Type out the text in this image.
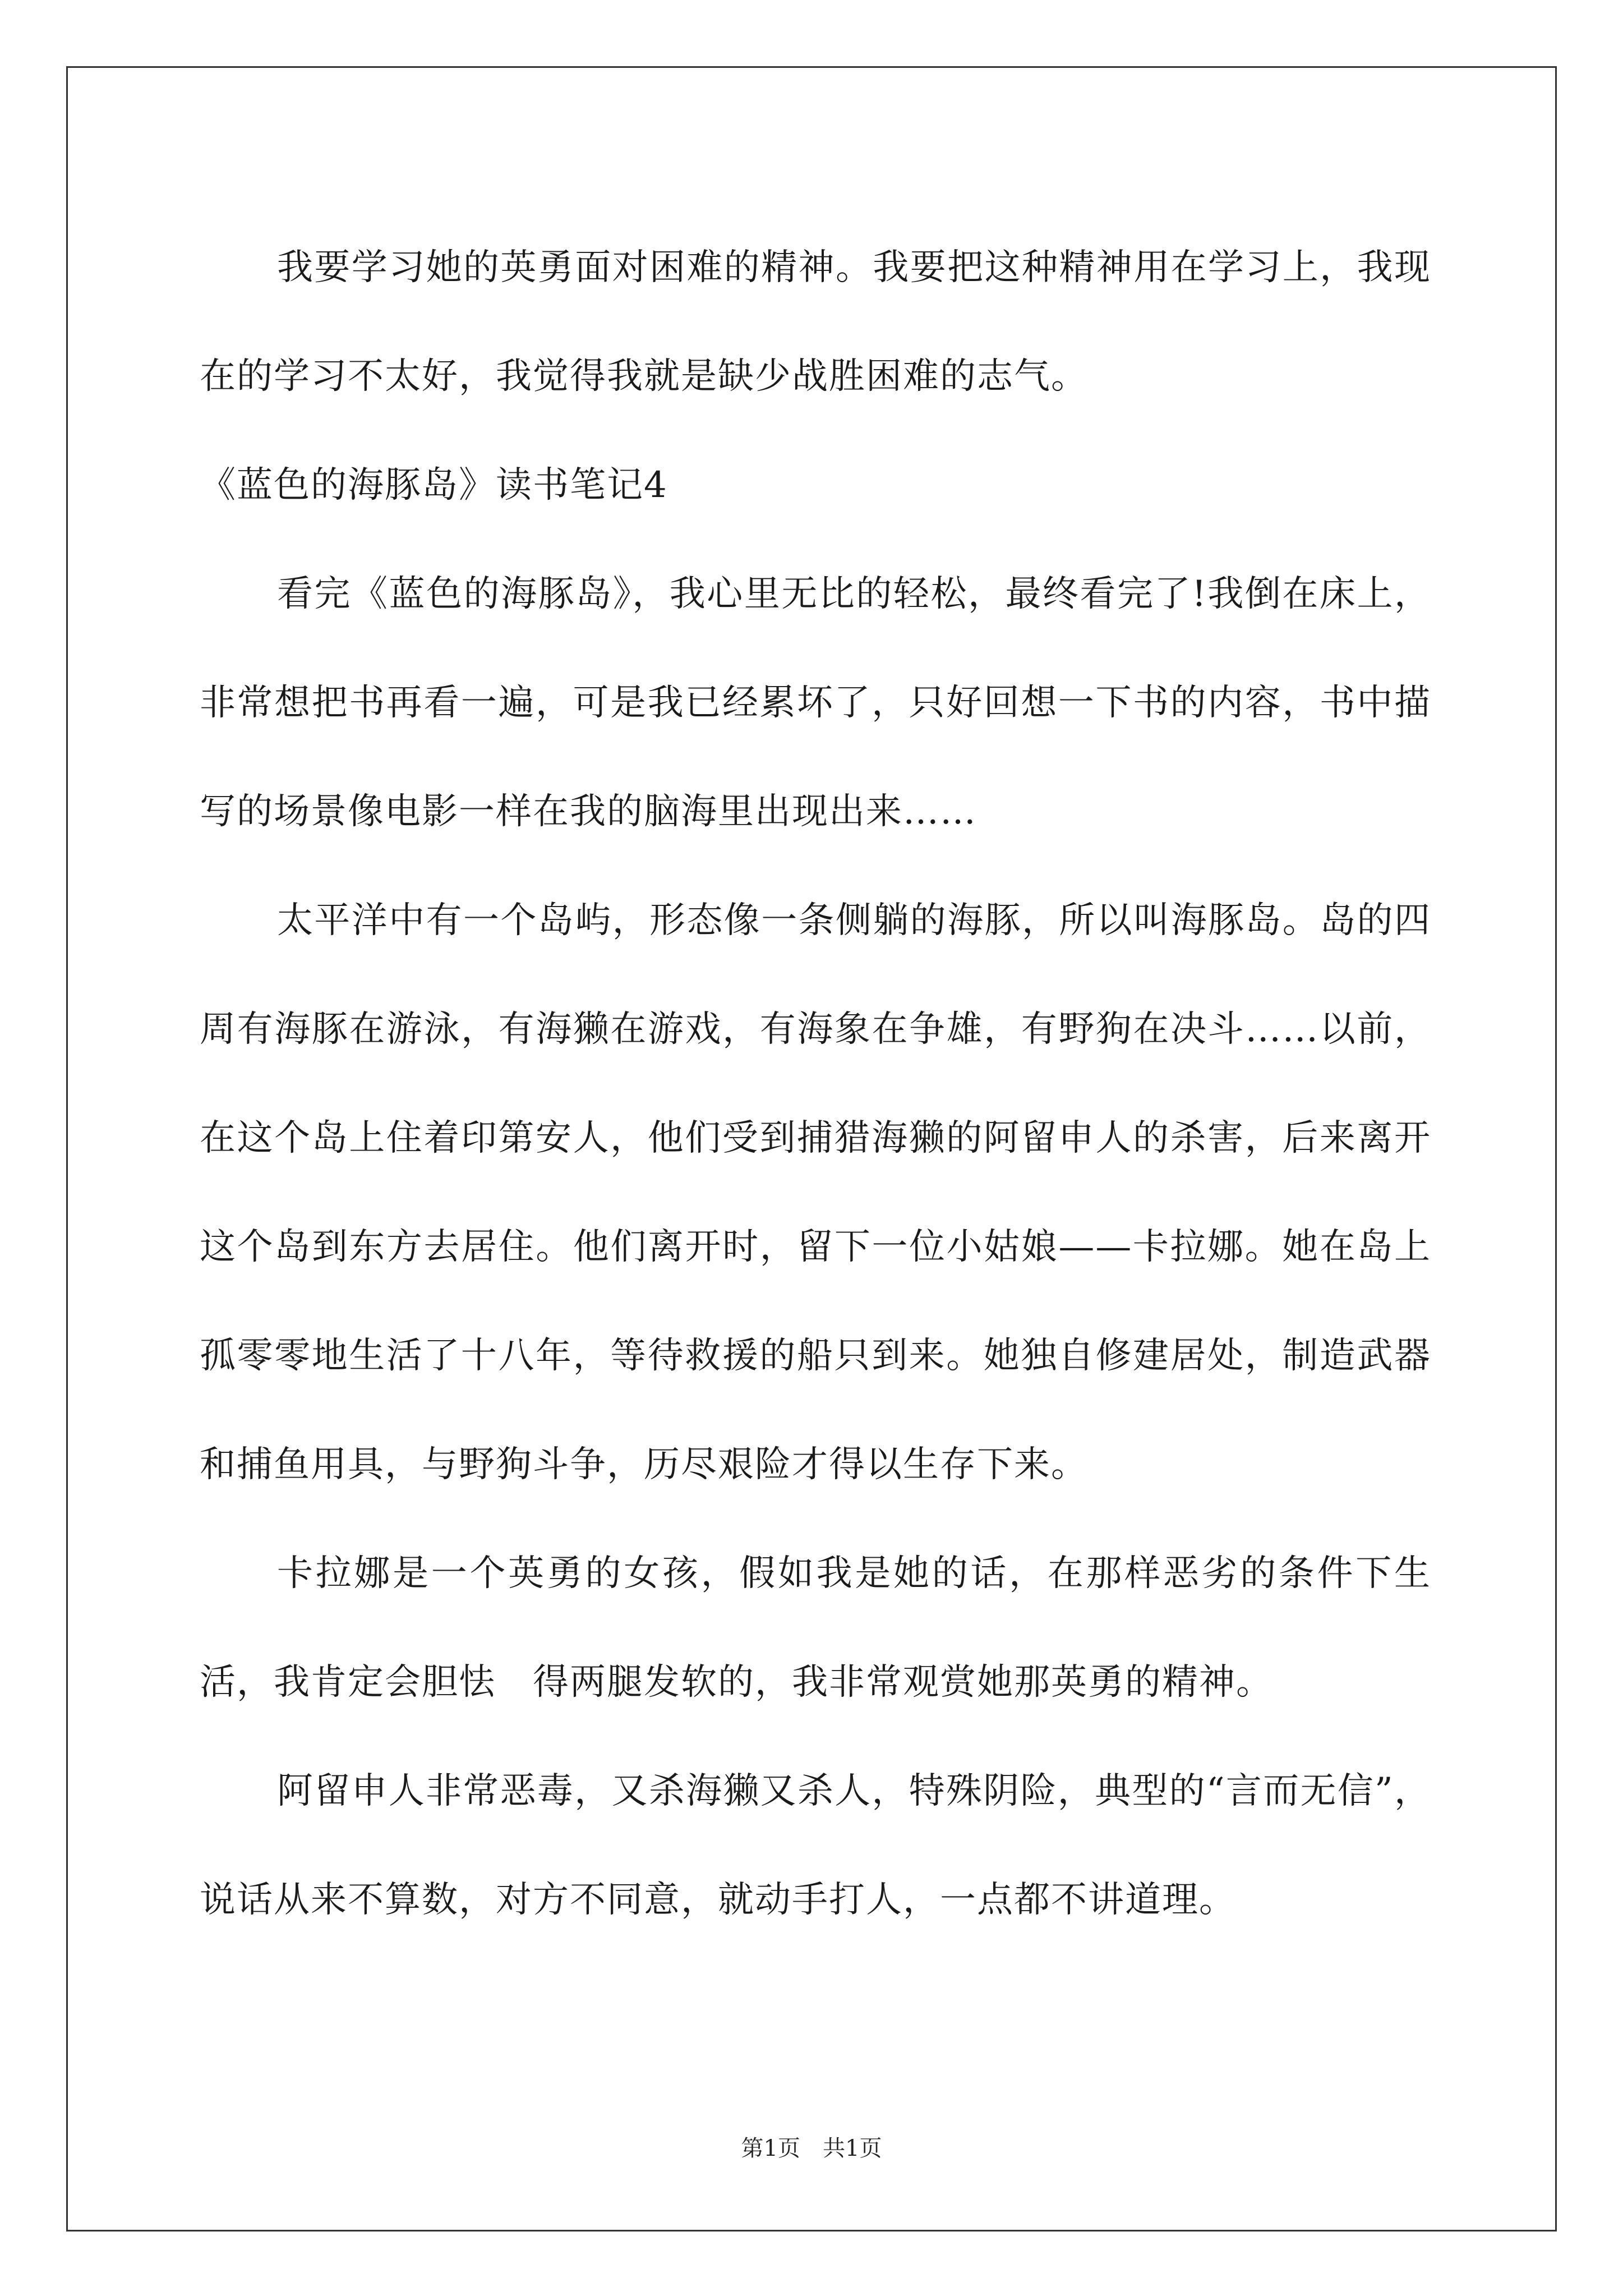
我要学习她的英勇面对困难的精神。我要把这种精神用在学习上，我现在的学习不太好，我觉得我就是缺少战胜困难的志气。

《蓝色的海豚岛》读书笔记4

看完《蓝色的海豚岛》，我心里无比的轻松，最终看完了!我倒在床上，非常想把书再看一遍，可是我已经累坏了，只好回想一下书的内容，书中描写的场景像电影一样在我的脑海里出现出来……

太平洋中有一个岛屿，形态像一条侧躺的海豚，所以叫海豚岛。岛的四周有海豚在游泳，有海獭在游戏，有海象在争雄，有野狗在决斗……以前，在这个岛上住着印第安人，他们受到捕猎海獭的阿留申人的杀害，后来离开这个岛到东方去居住。他们离开时，留下一位小姑娘——卡拉娜。她在岛上孤零零地生活了十八年，等待救援的船只到来。她独自修建居处，制造武器和捕鱼用具，与野狗斗争，历尽艰险才得以生存下来。

卡拉娜是一个英勇的女孩，假如我是她的话，在那样恶劣的条件下生活，我肯定会胆怯　得两腿发软的，我非常观赏她那英勇的精神。

阿留申人非常恶毒，又杀海獭又杀人，特殊阴险，典型的“言而无信”，说话从来不算数，对方不同意，就动手打人，一点都不讲道理。

第1页　共1页
